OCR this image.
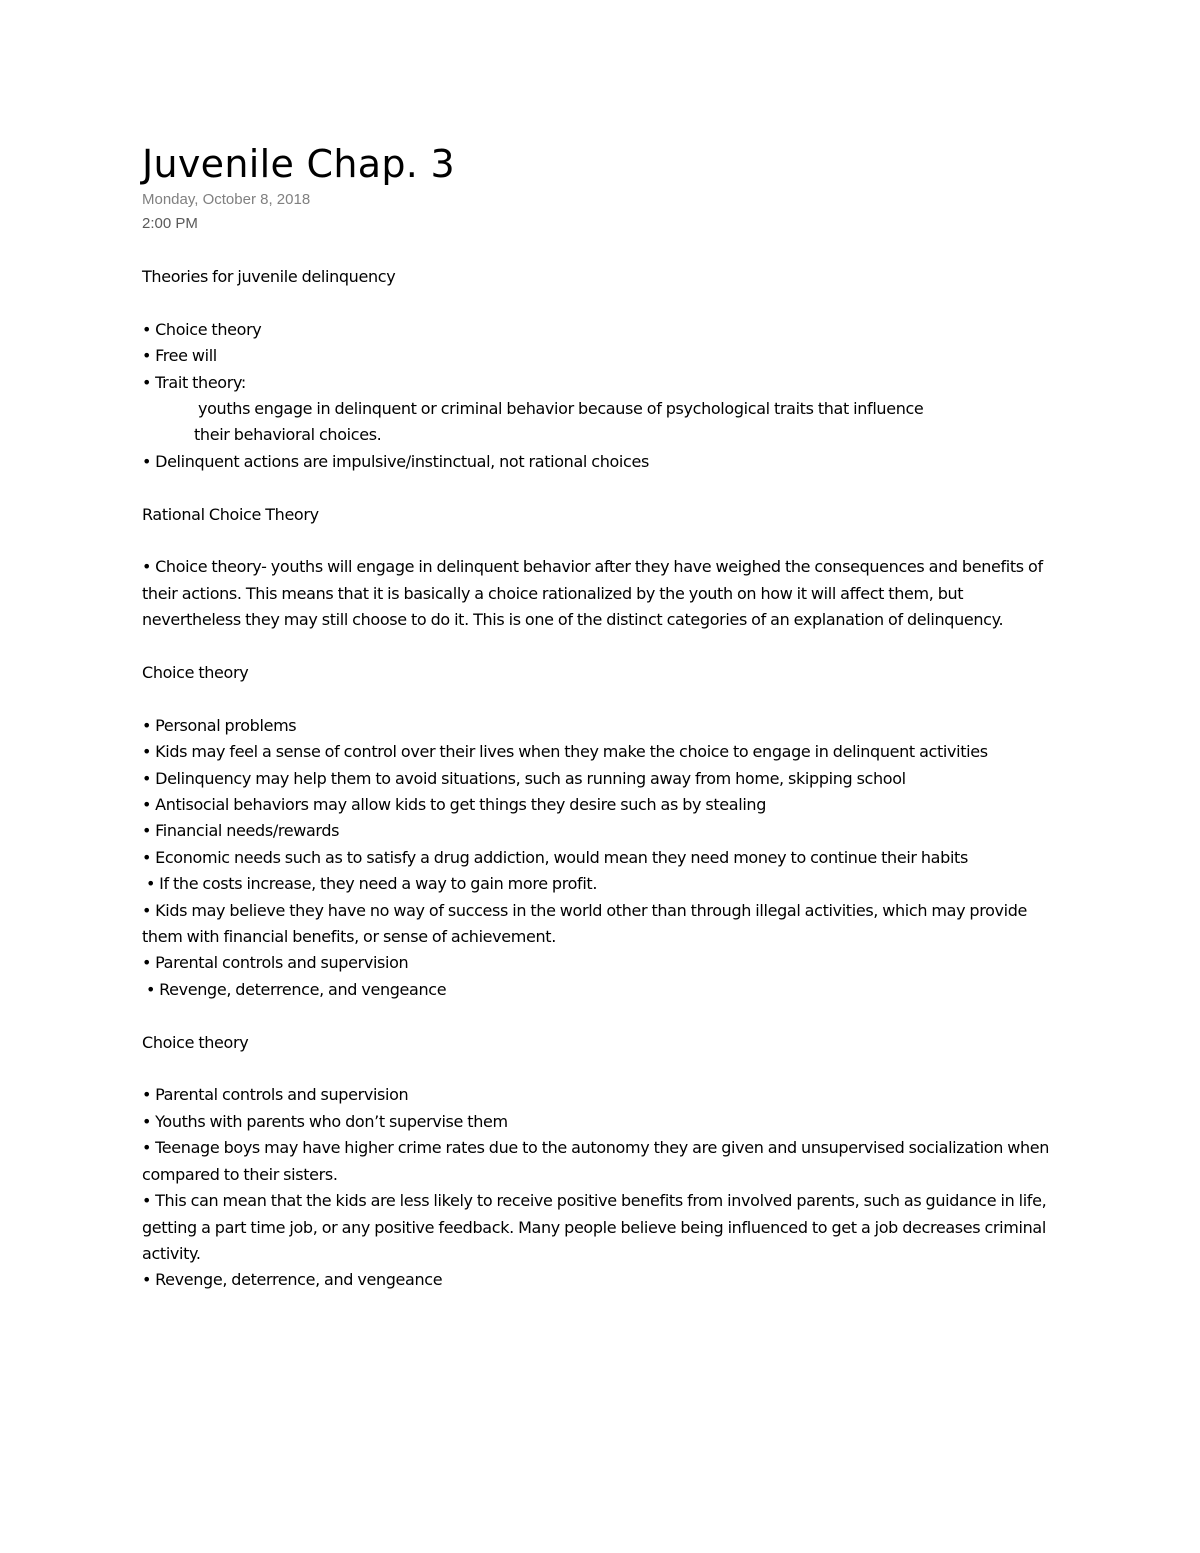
Juvenile Chap. 3
Monday, October 8, 2018
2:00 PM

Theories for juvenile delinquency

• Choice theory
• Free will
• Trait theory:
youths engage in delinquent or criminal behavior because of psychological traits that influence
their behavioral choices.
• Delinquent actions are impulsive/instinctual, not rational choices

Rational Choice Theory

• Choice theory- youths will engage in delinquent behavior after they have weighed the consequences and benefits of their actions. This means that it is basically a choice rationalized by the youth on how it will affect them, but nevertheless they may still choose to do it. This is one of the distinct categories of an explanation of delinquency.

Choice theory

• Personal problems
• Kids may feel a sense of control over their lives when they make the choice to engage in delinquent activities
• Delinquency may help them to avoid situations, such as running away from home, skipping school
• Antisocial behaviors may allow kids to get things they desire such as by stealing
• Financial needs/rewards
• Economic needs such as to satisfy a drug addiction, would mean they need money to continue their habits
• If the costs increase, they need a way to gain more profit.
• Kids may believe they have no way of success in the world other than through illegal activities, which may provide them with financial benefits, or sense of achievement.
• Parental controls and supervision
• Revenge, deterrence, and vengeance

Choice theory

• Parental controls and supervision
• Youths with parents who don’t supervise them
• Teenage boys may have higher crime rates due to the autonomy they are given and unsupervised socialization when compared to their sisters.
• This can mean that the kids are less likely to receive positive benefits from involved parents, such as guidance in life, getting a part time job, or any positive feedback. Many people believe being influenced to get a job decreases criminal activity.
• Revenge, deterrence, and vengeance
